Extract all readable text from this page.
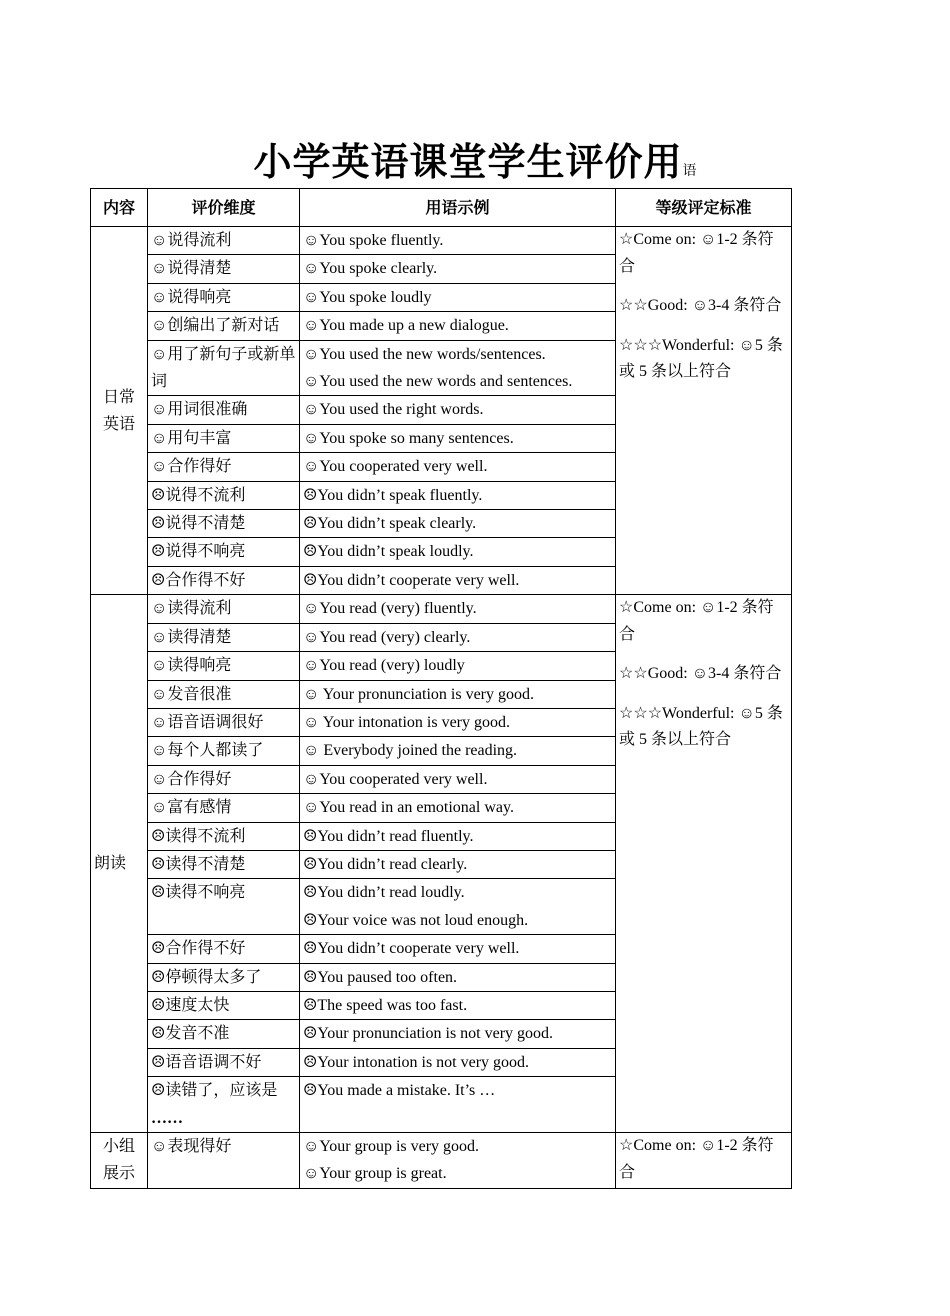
小学英语课堂学生评价用语
内容	评价维度	用语示例	等级评定标准
日常英语	☺说得流利	☺You spoke fluently.	☆Come on: ☺1-2 条符合
☆☆Good: ☺3-4 条符合
☆☆☆Wonderful: ☺5 条或 5 条以上符合

	☺说得清楚	☺You spoke clearly.	

	☺说得响亮	☺You spoke loudly	

	☺创编出了新对话	☺You made up a new dialogue.	

	☺用了新句子或新单词	☺You used the new words/sentences.
☺You used the new words and sentences.	

	☺用词很准确	☺You used the right words.	

	☺用句丰富	☺You spoke so many sentences.	

	☺合作得好	☺You cooperated very well.	

	☹说得不流利	☹You didn’t speak fluently.	

	☹说得不清楚	☹You didn’t speak clearly.	

	☹说得不响亮	☹You didn’t speak loudly.	

	☹合作得不好	☹You didn’t cooperate very well.	

朗读	☺读得流利	☺You read (very) fluently.	☆Come on: ☺1-2 条符合
☆☆Good: ☺3-4 条符合
☆☆☆Wonderful: ☺5 条或 5 条以上符合

	☺读得清楚	☺You read (very) clearly.	

	☺读得响亮	☺You read (very) loudly	

	☺发音很准	☺ Your pronunciation is very good.	

	☺语音语调很好	☺ Your intonation is very good.	

	☺每个人都读了	☺ Everybody joined the reading.	

	☺合作得好	☺You cooperated very well.	

	☺富有感情	☺You read in an emotional way.	

	☹读得不流利	☹You didn’t read fluently.	

	☹读得不清楚	☹You didn’t read clearly.	

	☹读得不响亮	☹You didn’t read loudly.
☹Your voice was not loud enough.	

	☹合作得不好	☹You didn’t cooperate very well.	

	☹停顿得太多了	☹You paused too often.	

	☹速度太快	☹The speed was too fast.	

	☹发音不准	☹Your pronunciation is not very good.	

	☹语音语调不好	☹Your intonation is not very good.	

	☹读错了，应该是
……	☹You made a mistake. It’s …	

小组展示	☺表现得好	☺Your group is very good.
☺Your group is great.	☆Come on: ☺1-2 条符合
